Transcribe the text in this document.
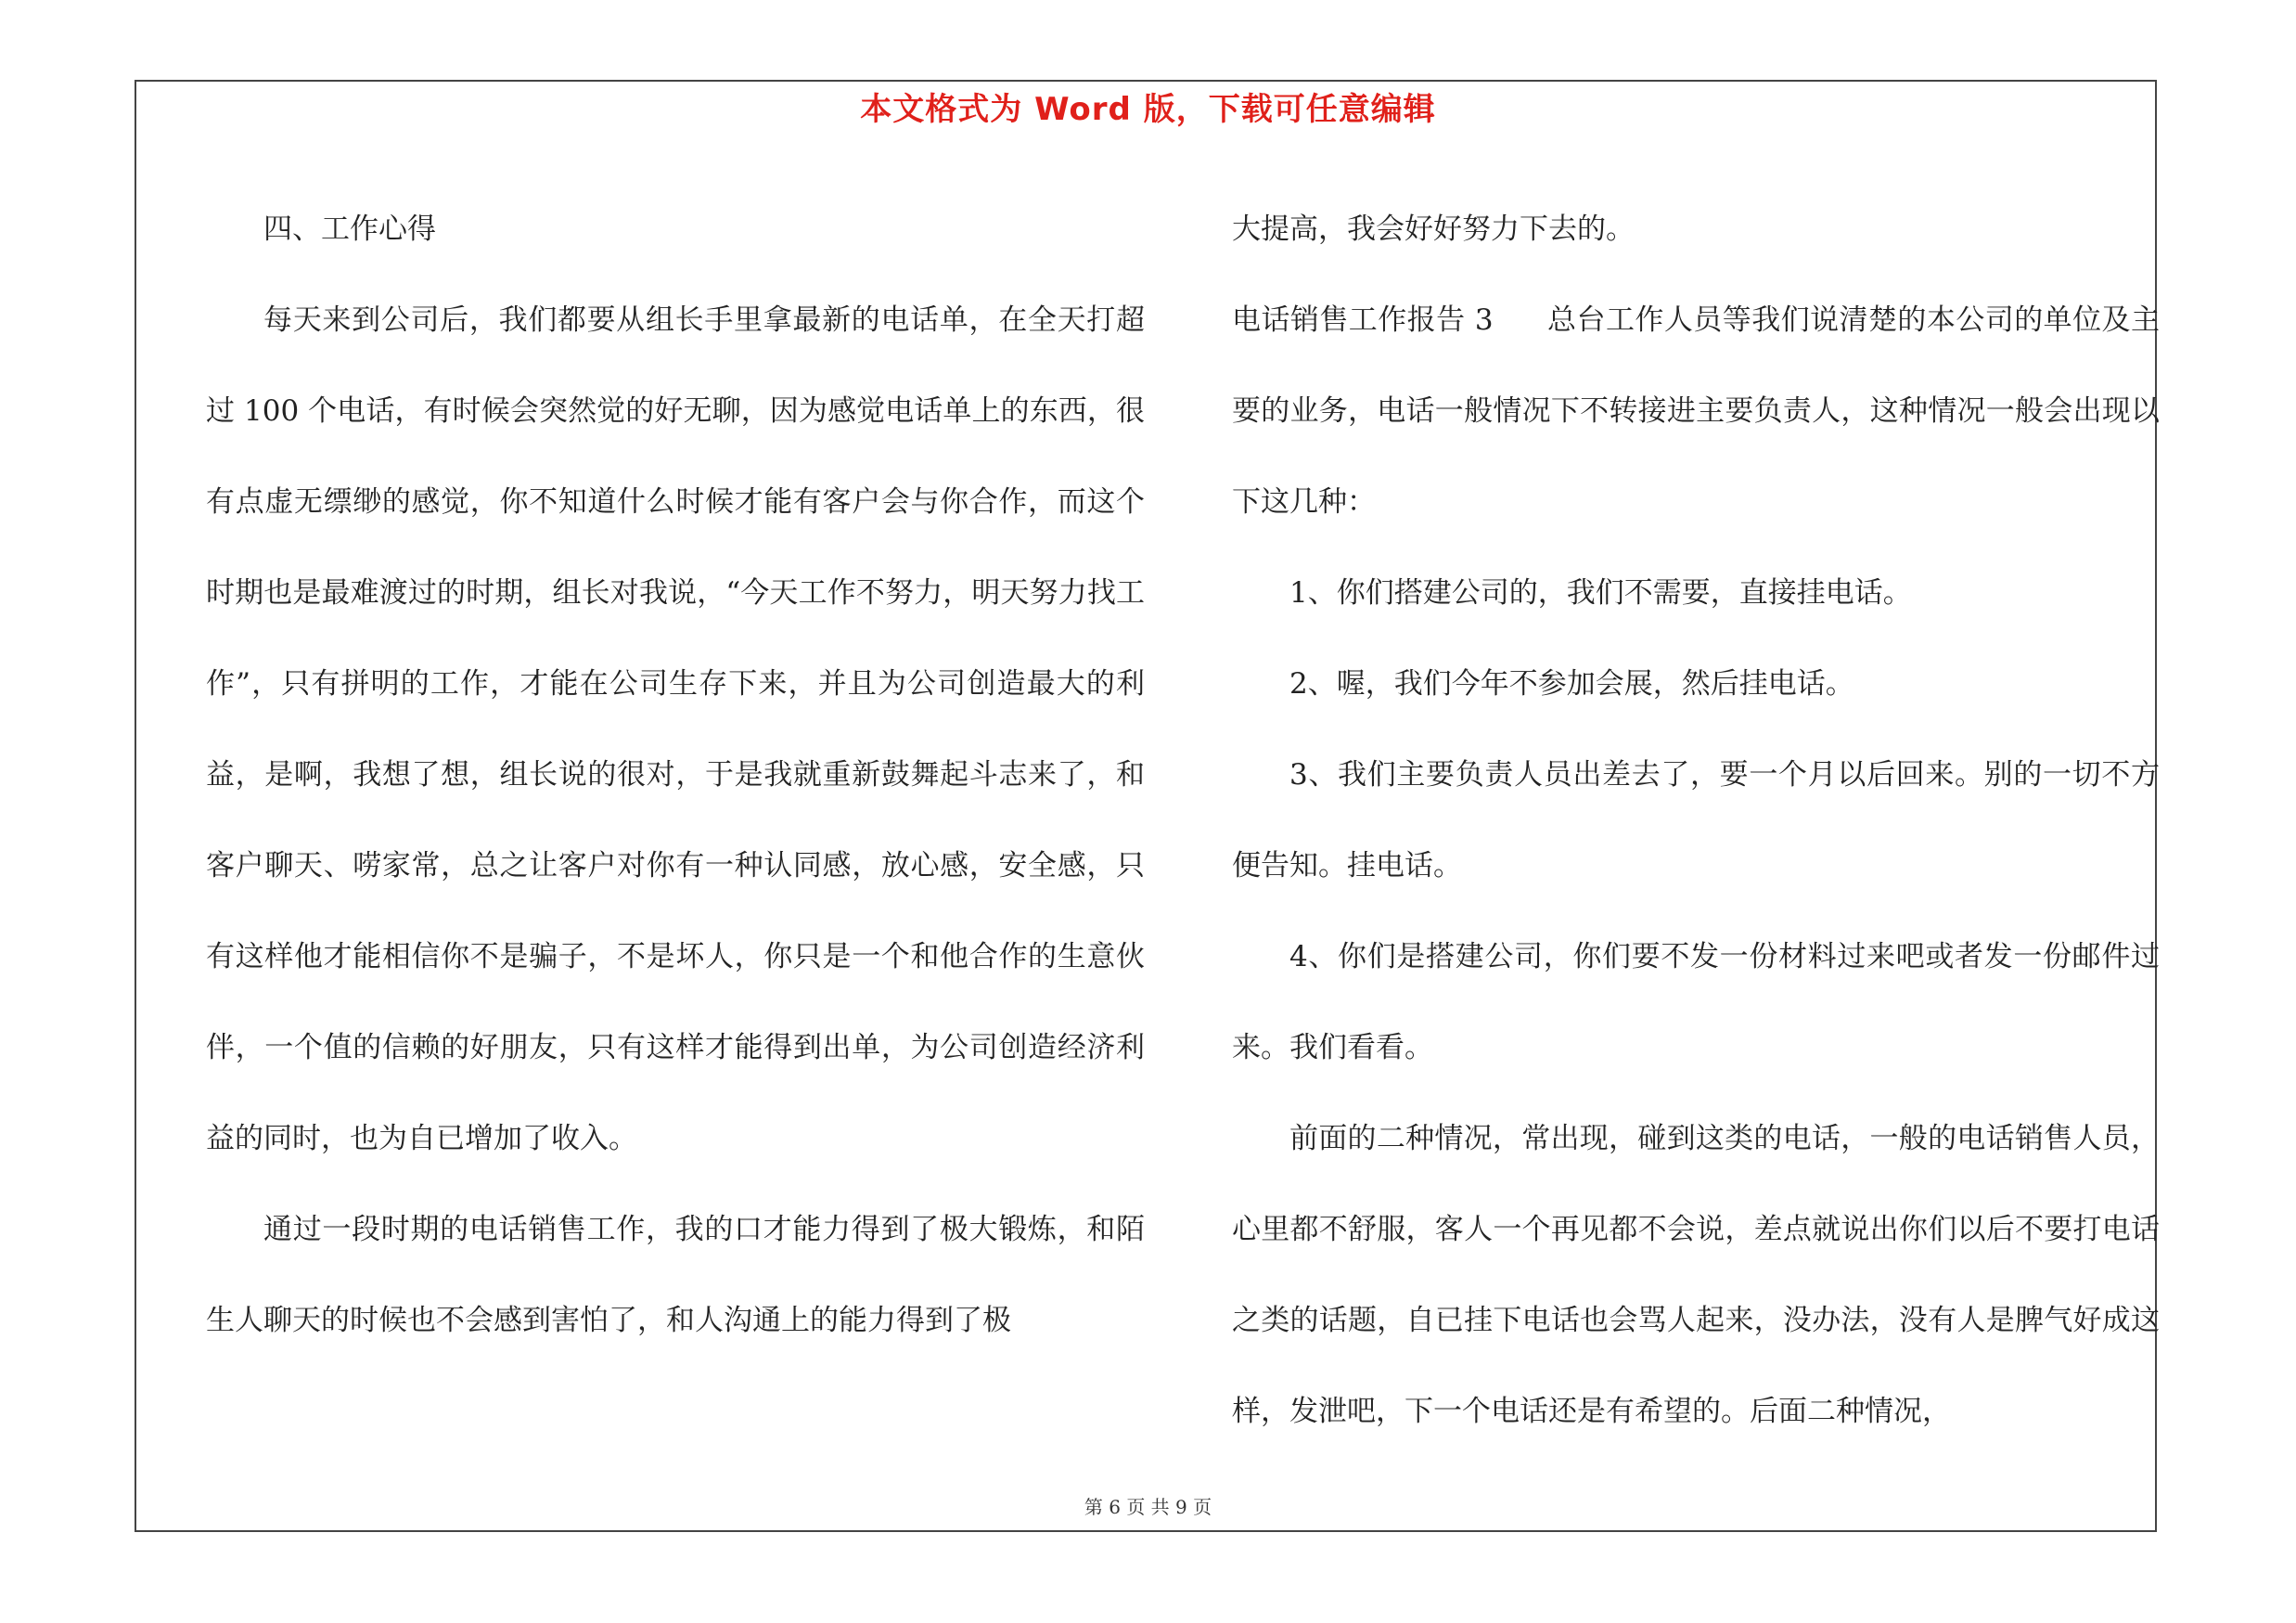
本文格式为 Word 版，下载可任意编辑

四、工作心得

每天来到公司后，我们都要从组长手里拿最新的电话单，在全天打超过 100 个电话，有时候会突然觉的好无聊，因为感觉电话单上的东西，很有点虚无缥缈的感觉，你不知道什么时候才能有客户会与你合作，而这个时期也是最难渡过的时期，组长对我说，“今天工作不努力，明天努力找工作”，只有拼明的工作，才能在公司生存下来，并且为公司创造最大的利益，是啊，我想了想，组长说的很对，于是我就重新鼓舞起斗志来了，和客户聊天、唠家常，总之让客户对你有一种认同感，放心感，安全感，只有这样他才能相信你不是骗子，不是坏人，你只是一个和他合作的生意伙伴，一个值的信赖的好朋友，只有这样才能得到出单，为公司创造经济利益的同时，也为自已增加了收入。

通过一段时期的电话销售工作，我的口才能力得到了极大锻炼，和陌生人聊天的时候也不会感到害怕了，和人沟通上的能力得到了极

大提高，我会好好努力下去的。

电话销售工作报告 3 总台工作人员等我们说清楚的本公司的单位及主要的业务，电话一般情况下不转接进主要负责人，这种情况一般会出现以下这几种：

1、你们搭建公司的，我们不需要，直接挂电话。

2、喔，我们今年不参加会展，然后挂电话。

3、我们主要负责人员出差去了，要一个月以后回来。别的一切不方便告知。挂电话。

4、你们是搭建公司，你们要不发一份材料过来吧或者发一份邮件过来。我们看看。

前面的二种情况，常出现，碰到这类的电话，一般的电话销售人员，心里都不舒服，客人一个再见都不会说，差点就说出你们以后不要打电话之类的话题，自已挂下电话也会骂人起来，没办法，没有人是脾气好成这样，发泄吧，下一个电话还是有希望的。后面二种情况，

第 6 页 共 9 页
